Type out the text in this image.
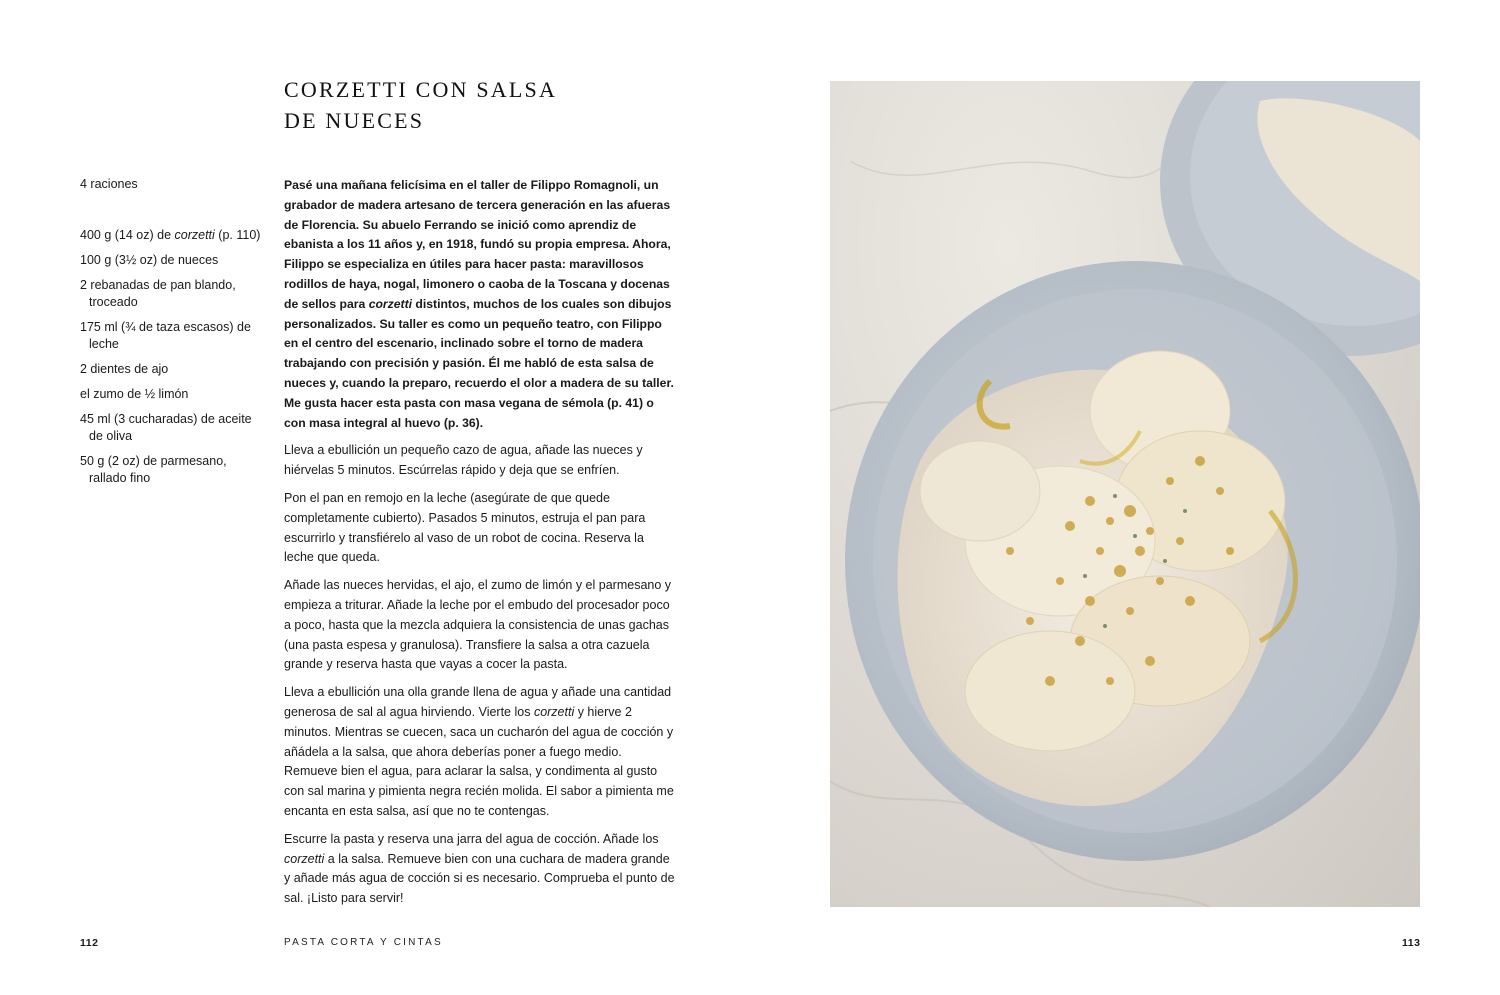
CORZETTI CON SALSA
DE NUECES
4 raciones
400 g (14 oz) de corzetti (p. 110)
100 g (3½ oz) de nueces
2 rebanadas de pan blando, troceado
175 ml (¾ de taza escasos) de leche
2 dientes de ajo
el zumo de ½ limón
45 ml (3 cucharadas) de aceite de oliva
50 g (2 oz) de parmesano, rallado fino

Pasé una mañana felicísima en el taller de Filippo Romagnoli, un grabador de madera artesano de tercera generación en las afueras de Florencia. Su abuelo Ferrando se inició como aprendiz de ebanista a los 11 años y, en 1918, fundó su propia empresa. Ahora, Filippo se especializa en útiles para hacer pasta: maravillosos rodillos de haya, nogal, limonero o caoba de la Toscana y docenas de sellos para corzetti distintos, muchos de los cuales son dibujos personalizados. Su taller es como un pequeño teatro, con Filippo en el centro del escenario, inclinado sobre el torno de madera trabajando con precisión y pasión. Él me habló de esta salsa de nueces y, cuando la preparo, recuerdo el olor a madera de su taller. Me gusta hacer esta pasta con masa vegana de sémola (p. 41) o con masa integral al huevo (p. 36).

Lleva a ebullición un pequeño cazo de agua, añade las nueces y hiérvelas 5 minutos. Escúrrelas rápido y deja que se enfríen.

Pon el pan en remojo en la leche (asegúrate de que quede completamente cubierto). Pasados 5 minutos, estruja el pan para escurrirlo y transfiérelo al vaso de un robot de cocina. Reserva la leche que queda.

Añade las nueces hervidas, el ajo, el zumo de limón y el parmesano y empieza a triturar. Añade la leche por el embudo del procesador poco a poco, hasta que la mezcla adquiera la consistencia de unas gachas (una pasta espesa y granulosa). Transfiere la salsa a otra cazuela grande y reserva hasta que vayas a cocer la pasta.

Lleva a ebullición una olla grande llena de agua y añade una cantidad generosa de sal al agua hirviendo. Vierte los corzetti y hierve 2 minutos. Mientras se cuecen, saca un cucharón del agua de cocción y añádela a la salsa, que ahora deberías poner a fuego medio. Remueve bien el agua, para aclarar la salsa, y condimenta al gusto con sal marina y pimienta negra recién molida. El sabor a pimienta me encanta en esta salsa, así que no te contengas.

Escurre la pasta y reserva una jarra del agua de cocción. Añade los corzetti a la salsa. Remueve bien con una cuchara de madera grande y añade más agua de cocción si es necesario. Comprueba el punto de sal. ¡Listo para servir!

112	PASTA CORTA Y CINTAS	113
